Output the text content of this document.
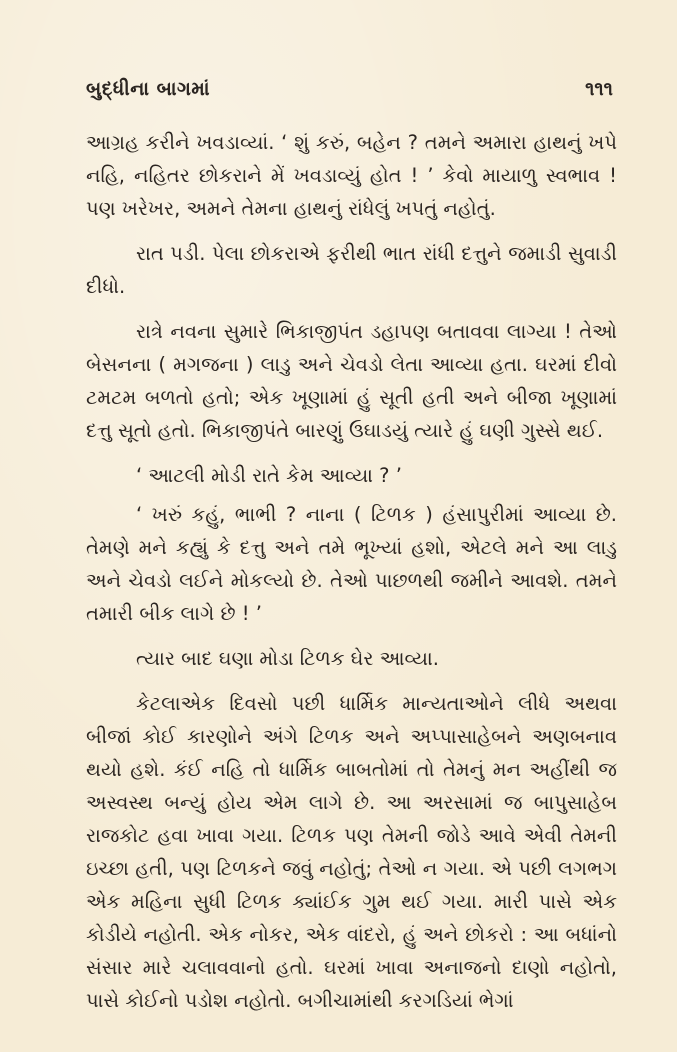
બુદ્ધીના બાગમાં	૧૧૧

આગ્રહ કરીને ખવડાવ્યાં. ‘ શું કરું, બહેન ? તમને અમારા હાથનું ખપે નહિ, નહિતર છોકરાને મેં ખવડાવ્યું હોત ! ’ કેવો માયાળુ સ્વભાવ ! પણ ખરેખર, અમને તેમના હાથનું રાંધેલું ખપતું નહોતું.

રાત પડી. પેલા છોકરાએ ફરીથી ભાત રાંધી દત્તુને જમાડી સુવાડી દીધો.

રાત્રે નવના સુમારે ભિકાજીપંત ડહાપણ બતાવવા લાગ્યા ! તેઓ બેસનના ( મગજના ) લાડુ અને ચેવડો લેતા આવ્યા હતા. ઘરમાં દીવો ટમટમ બળતો હતો; એક ખૂણામાં હું સૂતી હતી અને બીજા ખૂણામાં દત્તુ સૂતો હતો. ભિકાજીપંતે બારણું ઉઘાડયું ત્યારે હું ઘણી ગુસ્સે થઈ.

‘ આટલી મોડી રાતે કેમ આવ્યા ? ’

‘ ખરું કહું, ભાભી ? નાના ( ટિળક ) હંસાપુરીમાં આવ્યા છે. તેમણે મને કહ્યું કે દત્તુ અને તમે ભૂખ્યાં હશો, એટલે મને આ લાડુ અને ચેવડો લઈને મોકલ્યો છે. તેઓ પાછળથી જમીને આવશે. તમને તમારી બીક લાગે છે ! ’

ત્યાર બાદ ઘણા મોડા ટિળક ઘેર આવ્યા.

કેટલાએક દિવસો પછી ધાર્મિક માન્યતાઓને લીધે અથવા બીજાં કોઈ કારણોને અંગે ટિળક અને અપ્પાસાહેબને અણબનાવ થયો હશે. કંઈ નહિ તો ધાર્મિક બાબતોમાં તો તેમનું મન અહીંથી જ અસ્વસ્થ બન્યું હોય એમ લાગે છે. આ અરસામાં જ બાપુસાહેબ રાજકોટ હવા ખાવા ગયા. ટિળક પણ તેમની જોડે આવે એવી તેમની ઇચ્છા હતી, પણ ટિળકને જવું નહોતું; તેઓ ન ગયા. એ પછી લગભગ એક મહિના સુધી ટિળક ક્યાંઈક ગુમ થઈ ગયા. મારી પાસે એક કોડીયે નહોતી. એક નોકર, એક વાંદરો, હું અને છોકરો : આ બધાંનો સંસાર મારે ચલાવવાનો હતો. ઘરમાં ખાવા અનાજનો દાણો નહોતો, પાસે કોઈનો પડોશ નહોતો. બગીચામાંથી કરગડિયાં ભેગાં
